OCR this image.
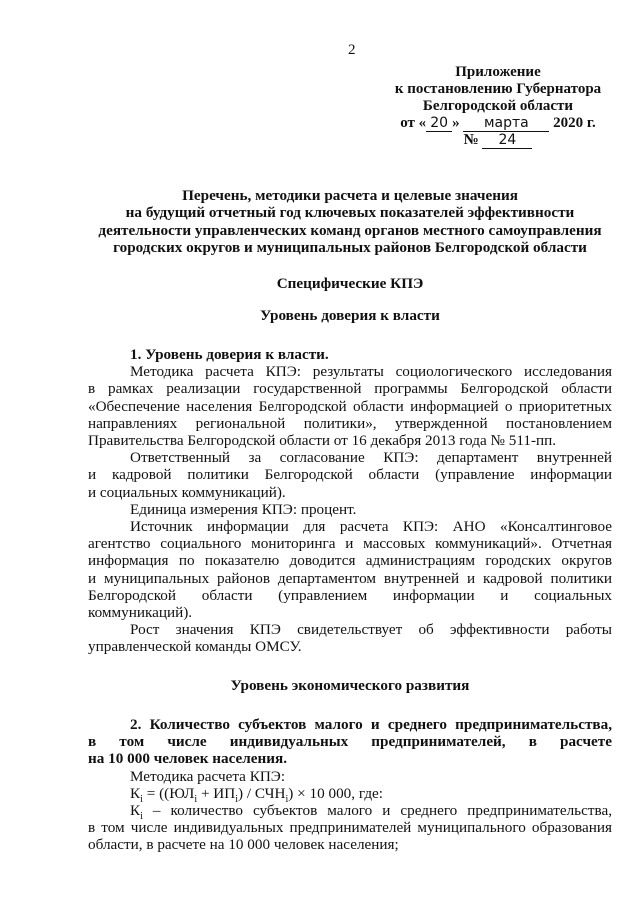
2
Приложение
к постановлению Губернатора
Белгородской области
от « 20 » марта 2020 г.
№ 24
Перечень, методики расчета и целевые значения
на будущий отчетный год ключевых показателей эффективности
деятельности управленческих команд органов местного самоуправления
городских округов и муниципальных районов Белгородской области
Специфические КПЭ
Уровень доверия к власти
1. Уровень доверия к власти.
Методика расчета КПЭ: результаты социологического исследования
в рамках реализации государственной программы Белгородской области
«Обеспечение населения Белгородской области информацией о приоритетных
направлениях региональной политики», утвержденной постановлением
Правительства Белгородской области от 16 декабря 2013 года № 511-пп.
Ответственный за согласование КПЭ: департамент внутренней
и кадровой политики Белгородской области (управление информации
и социальных коммуникаций).
Единица измерения КПЭ: процент.
Источник информации для расчета КПЭ: АНО «Консалтинговое
агентство социального мониторинга и массовых коммуникаций». Отчетная
информация по показателю доводится администрациям городских округов
и муниципальных районов департаментом внутренней и кадровой политики
Белгородской области (управлением информации и социальных
коммуникаций).
Рост значения КПЭ свидетельствует об эффективности работы
управленческой команды ОМСУ.
Уровень экономического развития
2. Количество субъектов малого и среднего предпринимательства,
в том числе индивидуальных предпринимателей, в расчете
на 10 000 человек населения.
Методика расчета КПЭ:
$К_i = ((ЮЛ_i + ИП_i) / СЧН_i) \times 10$ 000, где:
$К_i$ – количество субъектов малого и среднего предпринимательства,
в том числе индивидуальных предпринимателей муниципального образования
области, в расчете на 10 000 человек населения;
